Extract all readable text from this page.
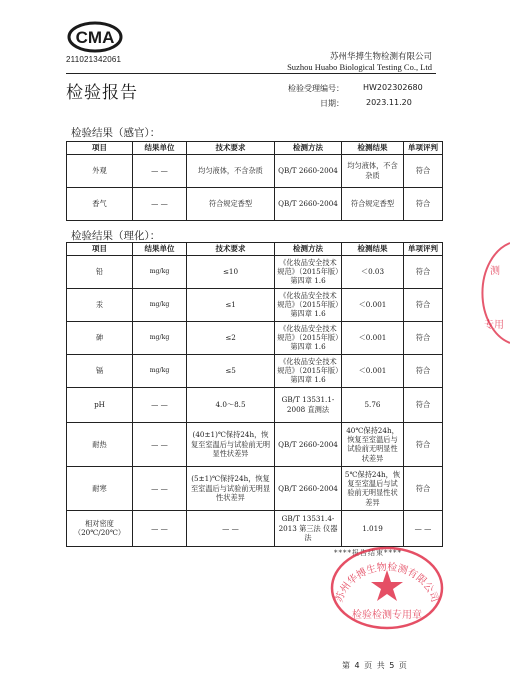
CMA
211021342061	苏州华搏生物检测有限公司
Suzhou Huabo Biological Testing Co., Ltd
检验报告	检验受理编号： HW202302680
日期：	2023.11.20
检验结果（感官）：
项目	结果单位	技术要求	检测方法	检测结果	单项评判
外观	— —	均匀液体，不含杂质	QB/T 2660-2004	均匀液体，不含杂质	符合
香气	— —	符合规定香型	QB/T 2660-2004	符合规定香型	符合
检验结果（理化）：
项目	结果单位	技术要求	检测方法	检测结果	单项评判
铅	mg/kg	≤10	《化妆品安全技术规范》（2015年版）第四章 1.6	＜0.03	符合
汞	mg/kg	≤1	《化妆品安全技术规范》（2015年版）第四章 1.6	＜0.001	符合
砷	mg/kg	≤2	《化妆品安全技术规范》（2015年版）第四章 1.6	＜0.001	符合
镉	mg/kg	≤5	《化妆品安全技术规范》（2015年版）第四章 1.6	＜0.001	符合
pH	— —	4.0～8.5	GB/T 13531.1-2008 直测法	5.76	符合
耐热	— —	(40±1)℃保持24h，恢复至室温后与试验前无明显性状差异	QB/T 2660-2004	40℃保持24h，恢复至室温后与试验前无明显性状差异	符合
耐寒	— —	(5±1)℃保持24h，恢复至室温后与试验前无明显性状差异	QB/T 2660-2004	5℃保持24h，恢复至室温后与试验前无明显性状差异	符合
相对密度（20℃/20℃）	— —	— —	GB/T 13531.4-2013 第三法 仪器法	1.019	— —
****报告结束****
苏州华搏生物检测有限公司
检验检测专用章
测
专用
第 4 页 共 5 页
